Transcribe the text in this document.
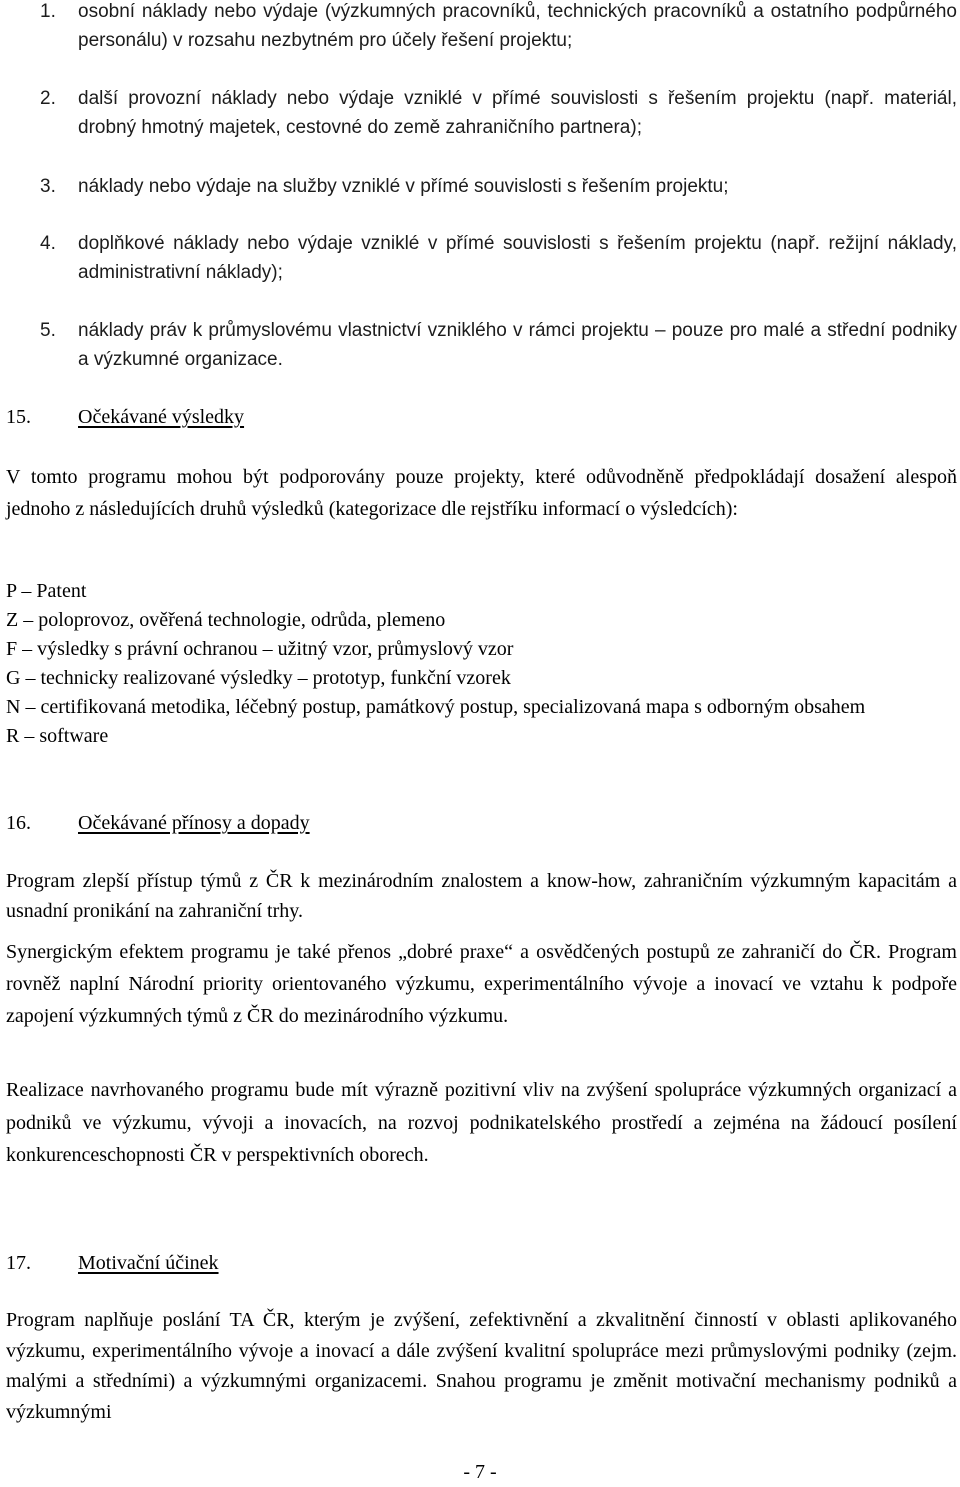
1. osobní náklady nebo výdaje (výzkumných pracovníků, technických pracovníků a ostatního podpůrného personálu) v rozsahu nezbytném pro účely řešení projektu;
2. další provozní náklady nebo výdaje vzniklé v přímé souvislosti s řešením projektu (např. materiál, drobný hmotný majetek, cestovné do země zahraničního partnera);
3. náklady nebo výdaje na služby vzniklé v přímé souvislosti s řešením projektu;
4. doplňkové náklady nebo výdaje vzniklé v přímé souvislosti s řešením projektu (např. režijní náklady, administrativní náklady);
5. náklady práv k průmyslovému vlastnictví vzniklého v rámci projektu – pouze pro malé a střední podniky a výzkumné organizace.
15. Očekávané výsledky
V tomto programu mohou být podporovány pouze projekty, které odůvodněně předpokládají dosažení alespoň jednoho z následujících druhů výsledků (kategorizace dle rejstříku informací o výsledcích):
P – Patent
Z – poloprovoz, ověřená technologie, odrůda, plemeno
F – výsledky s právní ochranou – užitný vzor, průmyslový vzor
G – technicky realizované výsledky – prototyp, funkční vzorek
N – certifikovaná metodika, léčebný postup, památkový postup, specializovaná mapa s odborným obsahem
R – software
16. Očekávané přínosy a dopady
Program zlepší přístup týmů z ČR k mezinárodním znalostem a know-how, zahraničním výzkumným kapacitám a usnadní pronikání na zahraniční trhy.
Synergickým efektem programu je také přenos „dobré praxe“ a osvědčených postupů ze zahraničí do ČR. Program rovněž naplní Národní priority orientovaného výzkumu, experimentálního vývoje a inovací ve vztahu k podpoře zapojení výzkumných týmů z ČR do mezinárodního výzkumu.
Realizace navrhovaného programu bude mít výrazně pozitivní vliv na zvýšení spolupráce výzkumných organizací a podniků ve výzkumu, vývoji a inovacích, na rozvoj podnikatelského prostředí a zejména na žádoucí posílení konkurenceschopnosti ČR v perspektivních oborech.
17. Motivační účinek
Program naplňuje poslání TA ČR, kterým je zvýšení, zefektivnění a zkvalitnění činností v oblasti aplikovaného výzkumu, experimentálního vývoje a inovací a dále zvýšení kvalitní spolupráce mezi průmyslovými podniky (zejm. malými a středními) a výzkumnými organizacemi. Snahou programu je změnit motivační mechanismy podniků a výzkumnými
- 7 -
